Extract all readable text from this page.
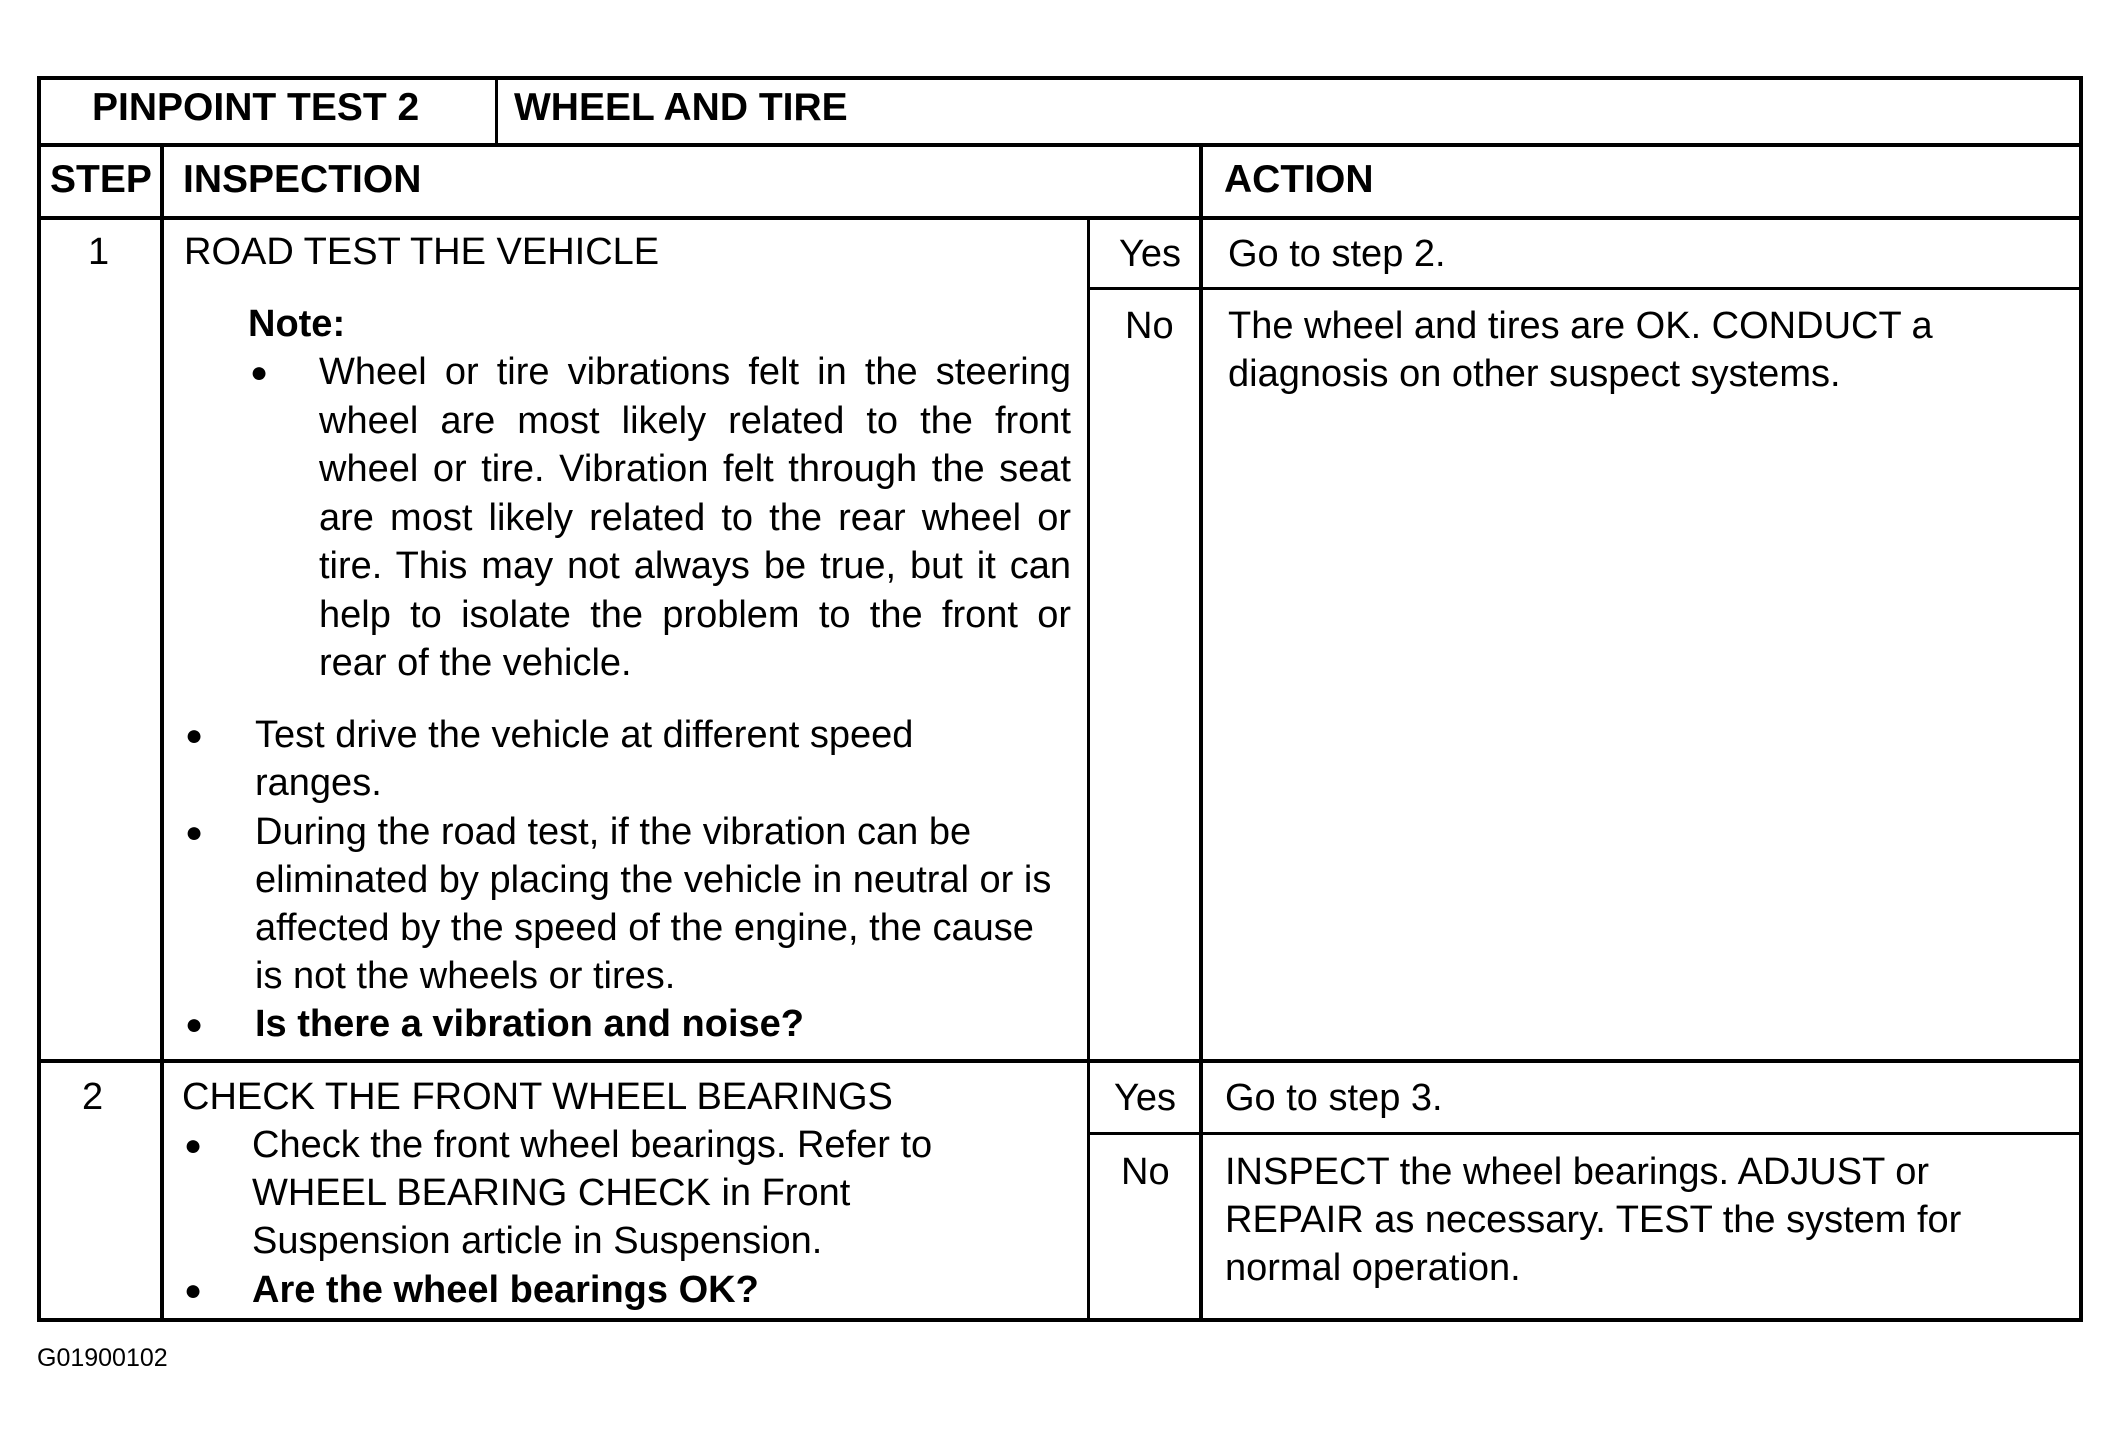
PINPOINT TEST 2 WHEEL AND TIRE
STEP INSPECTION	ACTION
1 ROAD TEST THE VEHICLE
Note:
● Wheel or tire vibrations felt in the steering wheel are most likely related to the front wheel or tire. Vibration felt through the seat are most likely related to the rear wheel or tire. This may not always be true, but it can help to isolate the problem to the front or rear of the vehicle.
● Test drive the vehicle at different speed ranges.
● During the road test, if the vibration can be eliminated by placing the vehicle in neutral or is affected by the speed of the engine, the cause is not the wheels or tires.
● Is there a vibration and noise?
Yes Go to step 2.
No The wheel and tires are OK. CONDUCT a diagnosis on other suspect systems.
2 CHECK THE FRONT WHEEL BEARINGS
● Check the front wheel bearings. Refer to WHEEL BEARING CHECK in Front Suspension article in Suspension.
● Are the wheel bearings OK?
Yes Go to step 3.
No INSPECT the wheel bearings. ADJUST or REPAIR as necessary. TEST the system for normal operation.
G01900102
